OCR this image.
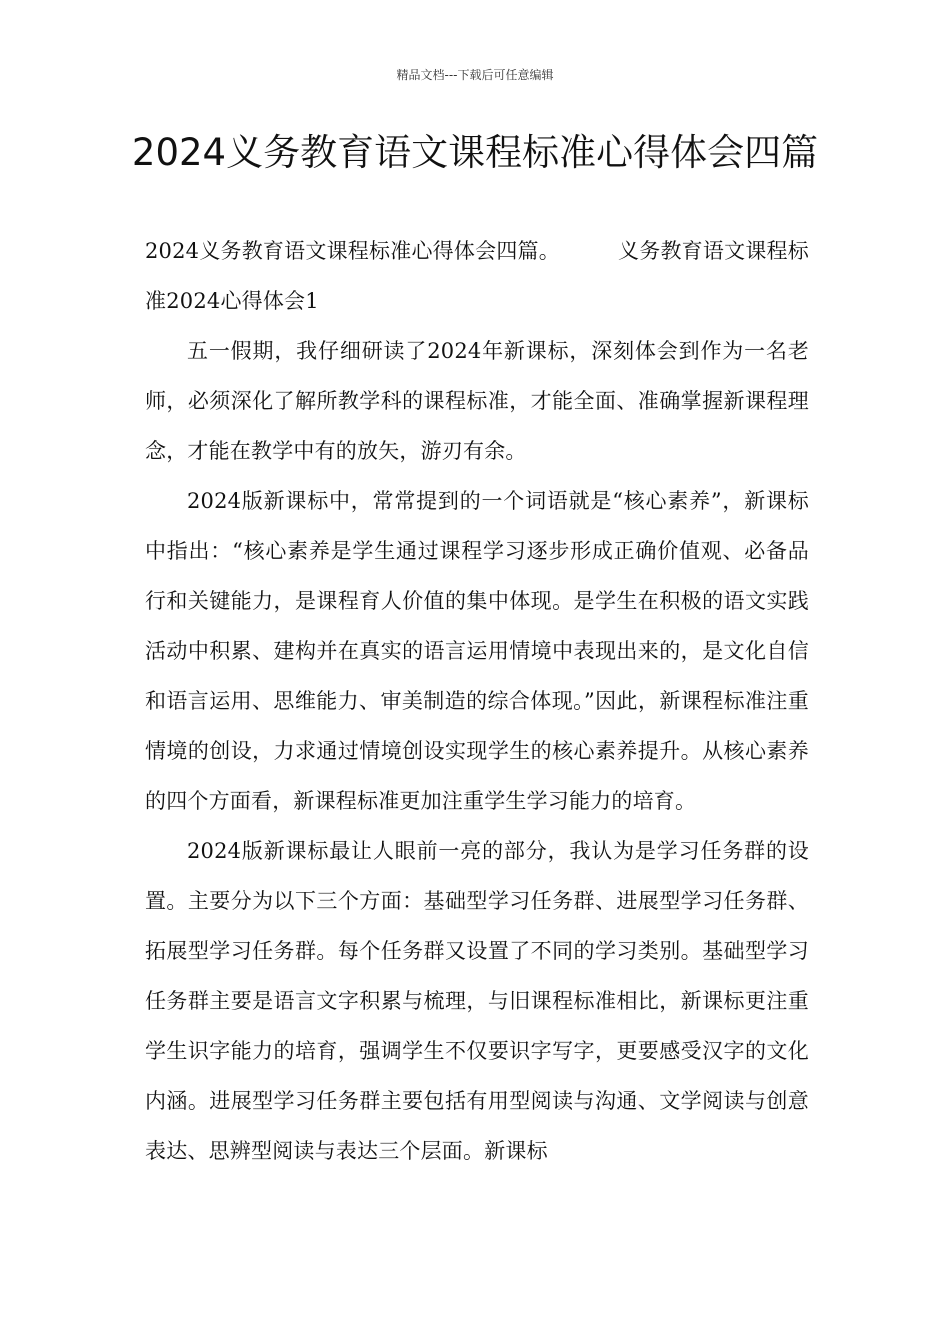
精品文档---下载后可任意编辑
2024义务教育语文课程标准心得体会四篇
2024义务教育语文课程标准心得体会四篇。	义务教育语文课程标准2024心得体会1

五一假期，我仔细研读了2024年新课标，深刻体会到作为一名老师，必须深化了解所教学科的课程标准，才能全面、准确掌握新课程理念，才能在教学中有的放矢，游刃有余。

2024版新课标中，常常提到的一个词语就是“核心素养”，新课标中指出：“核心素养是学生通过课程学习逐步形成正确价值观、必备品行和关键能力，是课程育人价值的集中体现。是学生在积极的语文实践活动中积累、建构并在真实的语言运用情境中表现出来的，是文化自信和语言运用、思维能力、审美制造的综合体现。”因此，新课程标准注重情境的创设，力求通过情境创设实现学生的核心素养提升。从核心素养的四个方面看，新课程标准更加注重学生学习能力的培育。

2024版新课标最让人眼前一亮的部分，我认为是学习任务群的设置。主要分为以下三个方面：基础型学习任务群、进展型学习任务群、拓展型学习任务群。每个任务群又设置了不同的学习类别。基础型学习任务群主要是语言文字积累与梳理，与旧课程标准相比，新课标更注重学生识字能力的培育，强调学生不仅要识字写字，更要感受汉字的文化内涵。进展型学习任务群主要包括有用型阅读与沟通、文学阅读与创意表达、思辨型阅读与表达三个层面。新课标
